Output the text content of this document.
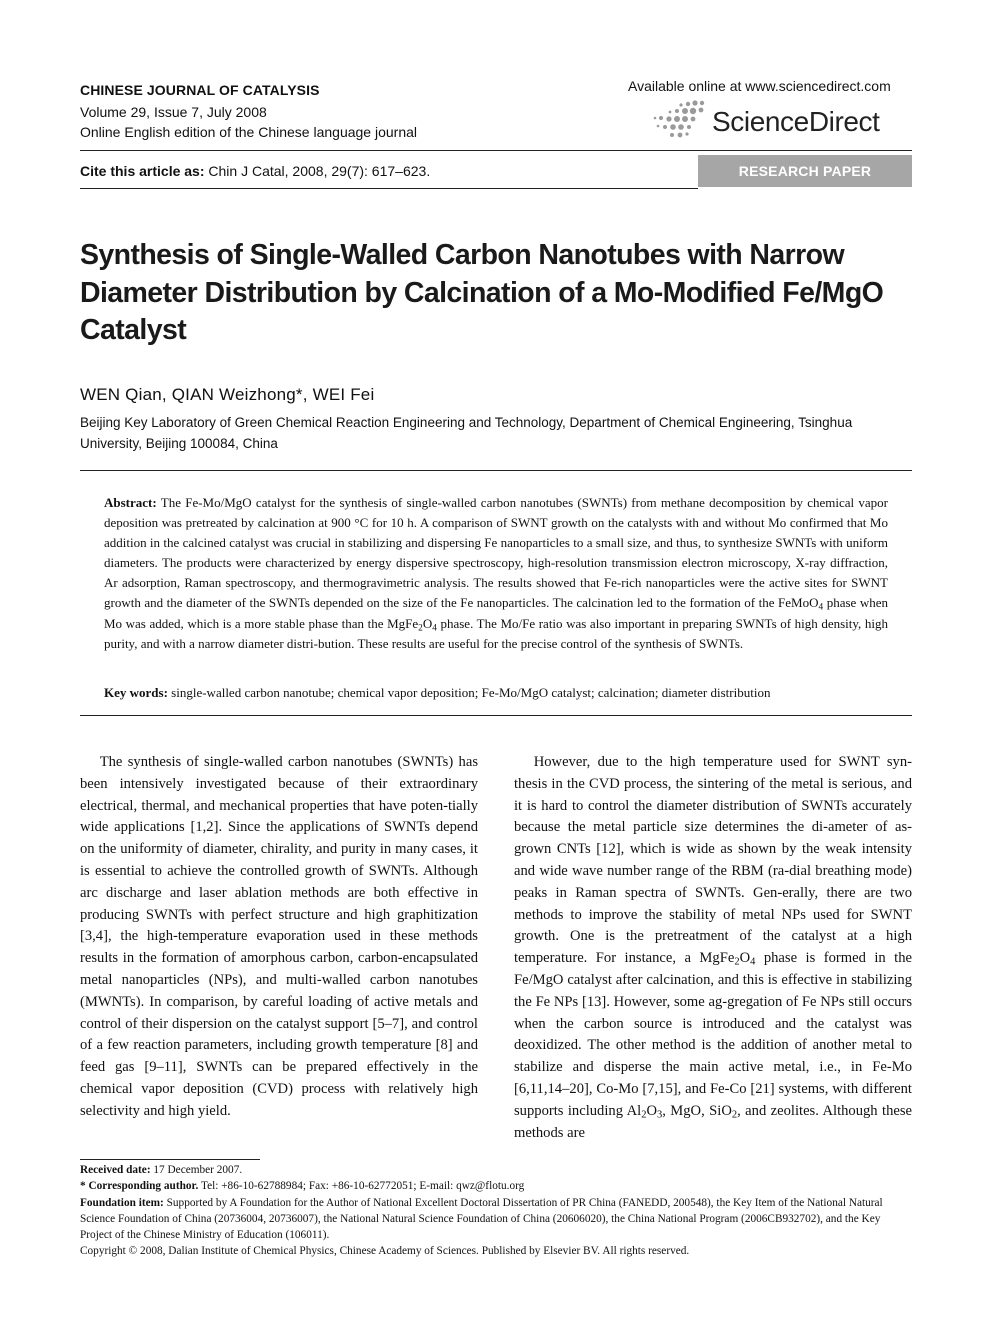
CHINESE JOURNAL OF CATALYSIS
Volume 29, Issue 7, July 2008
Online English edition of the Chinese language journal
Available online at www.sciencedirect.com
ScienceDirect
Cite this article as: Chin J Catal, 2008, 29(7): 617–623.	RESEARCH PAPER
Synthesis of Single-Walled Carbon Nanotubes with Narrow Diameter Distribution by Calcination of a Mo-Modified Fe/MgO Catalyst
WEN Qian, QIAN Weizhong*, WEI Fei
Beijing Key Laboratory of Green Chemical Reaction Engineering and Technology, Department of Chemical Engineering, Tsinghua University, Beijing 100084, China
Abstract: The Fe-Mo/MgO catalyst for the synthesis of single-walled carbon nanotubes (SWNTs) from methane decomposition by chemical vapor deposition was pretreated by calcination at 900 °C for 10 h. A comparison of SWNT growth on the catalysts with and without Mo confirmed that Mo addition in the calcined catalyst was crucial in stabilizing and dispersing Fe nanoparticles to a small size, and thus, to synthesize SWNTs with uniform diameters. The products were characterized by energy dispersive spectroscopy, high-resolution transmission electron microscopy, X-ray diffraction, Ar adsorption, Raman spectroscopy, and thermogravimetric analysis. The results showed that Fe-rich nanoparticles were the active sites for SWNT growth and the diameter of the SWNTs depended on the size of the Fe nanoparticles. The calcination led to the formation of the FeMoO$_4$ phase when Mo was added, which is a more stable phase than the $MgFe_2O_4$ phase. The Mo/Fe ratio was also important in preparing SWNTs of high density, high purity, and with a narrow diameter distri-bution. These results are useful for the precise control of the synthesis of SWNTs.
Key words: single-walled carbon nanotube; chemical vapor deposition; Fe-Mo/MgO catalyst; calcination; diameter distribution

The synthesis of single-walled carbon nanotubes (SWNTs) has been intensively investigated because of their extraordinary electrical, thermal, and mechanical properties that have poten-tially wide applications [1,2]. Since the applications of SWNTs depend on the uniformity of diameter, chirality, and purity in many cases, it is essential to achieve the controlled growth of SWNTs. Although arc discharge and laser ablation methods are both effective in producing SWNTs with perfect structure and high graphitization [3,4], the high-temperature evaporation used in these methods results in the formation of amorphous carbon, carbon-encapsulated metal nanoparticles (NPs), and multi-walled carbon nanotubes (MWNTs). In comparison, by careful loading of active metals and control of their dispersion on the catalyst support [5–7], and control of a few reaction parameters, including growth temperature [8] and feed gas [9–11], SWNTs can be prepared effectively in the chemical vapor deposition (CVD) process with relatively high selectivity and high yield.

However, due to the high temperature used for SWNT syn-thesis in the CVD process, the sintering of the metal is serious, and it is hard to control the diameter distribution of SWNTs accurately because the metal particle size determines the di-ameter of as-grown CNTs [12], which is wide as shown by the weak intensity and wide wave number range of the RBM (ra-dial breathing mode) peaks in Raman spectra of SWNTs. Gen-erally, there are two methods to improve the stability of metal NPs used for SWNT growth. One is the pretreatment of the catalyst at a high temperature. For instance, a $MgFe_2O_4$ phase is formed in the Fe/MgO catalyst after calcination, and this is effective in stabilizing the Fe NPs [13]. However, some ag-gregation of Fe NPs still occurs when the carbon source is introduced and the catalyst was deoxidized. The other method is the addition of another metal to stabilize and disperse the main active metal, i.e., in Fe-Mo [6,11,14–20], Co-Mo [7,15], and Fe-Co [21] systems, with different supports including $Al_2O_3$, MgO, SiO$_2$, and zeolites. Although these methods are

Received date: 17 December 2007.

* Corresponding author. Tel: +86-10-62788984; Fax: +86-10-62772051; E-mail: qwz@flotu.org

Foundation item: Supported by A Foundation for the Author of National Excellent Doctoral Dissertation of PR China (FANEDD, 200548), the Key Item of the National Natural Science Foundation of China (20736004, 20736007), the National Natural Science Foundation of China (20606020), the China National Program (2006CB932702), and the Key Project of the Chinese Ministry of Education (106011).

Copyright © 2008, Dalian Institute of Chemical Physics, Chinese Academy of Sciences. Published by Elsevier BV. All rights reserved.
